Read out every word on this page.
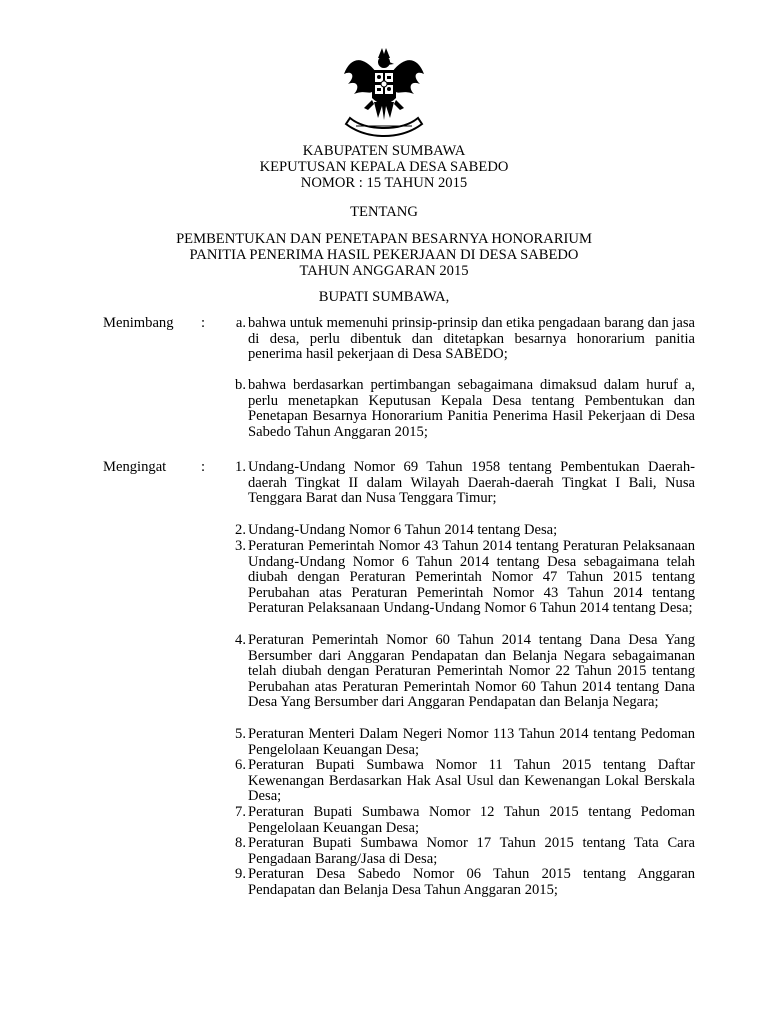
KABUPATEN SUMBAWA
KEPUTUSAN KEPALA DESA SABEDO
NOMOR : 15 TAHUN 2015
TENTANG
PEMBENTUKAN DAN PENETAPAN BESARNYA HONORARIUM
PANITIA PENERIMA HASIL PEKERJAAN DI DESA SABEDO
TAHUN ANGGARAN 2015
BUPATI SUMBAWA,
Menimbang :	a. bahwa untuk memenuhi prinsip-prinsip dan etika pengadaan barang dan jasa di desa, perlu dibentuk dan ditetapkan besarnya honorarium panitia penerima hasil pekerjaan di Desa SABEDO;
b. bahwa berdasarkan pertimbangan sebagaimana dimaksud dalam huruf a, perlu menetapkan Keputusan Kepala Desa tentang Pembentukan dan Penetapan Besarnya Honorarium Panitia Penerima Hasil Pekerjaan di Desa Sabedo Tahun Anggaran 2015;
Mengingat :	1. Undang-Undang Nomor 69 Tahun 1958 tentang Pembentukan Daerah-daerah Tingkat II dalam Wilayah Daerah-daerah Tingkat I Bali, Nusa Tenggara Barat dan Nusa Tenggara Timur;
2. Undang-Undang Nomor 6 Tahun 2014 tentang Desa;
3. Peraturan Pemerintah Nomor 43 Tahun 2014 tentang Peraturan Pelaksanaan Undang-Undang Nomor 6 Tahun 2014 tentang Desa sebagaimana telah diubah dengan Peraturan Pemerintah Nomor 47 Tahun 2015 tentang Perubahan atas Peraturan Pemerintah Nomor 43 Tahun 2014 tentang Peraturan Pelaksanaan Undang-Undang Nomor 6 Tahun 2014 tentang Desa;
4. Peraturan Pemerintah Nomor 60 Tahun 2014 tentang Dana Desa Yang Bersumber dari Anggaran Pendapatan dan Belanja Negara sebagaimanan telah diubah dengan Peraturan Pemerintah Nomor 22 Tahun 2015 tentang Perubahan atas Peraturan Pemerintah Nomor 60 Tahun 2014 tentang Dana Desa Yang Bersumber dari Anggaran Pendapatan dan Belanja Negara;
5. Peraturan Menteri Dalam Negeri Nomor 113 Tahun 2014 tentang Pedoman Pengelolaan Keuangan Desa;
6. Peraturan Bupati Sumbawa Nomor 11 Tahun 2015 tentang Daftar Kewenangan Berdasarkan Hak Asal Usul dan Kewenangan Lokal Berskala Desa;
7. Peraturan Bupati Sumbawa Nomor 12 Tahun 2015 tentang Pedoman Pengelolaan Keuangan Desa;
8. Peraturan Bupati Sumbawa Nomor 17 Tahun 2015 tentang Tata Cara Pengadaan Barang/Jasa di Desa;
9. Peraturan Desa Sabedo Nomor 06 Tahun 2015 tentang Anggaran Pendapatan dan Belanja Desa Tahun Anggaran 2015;
